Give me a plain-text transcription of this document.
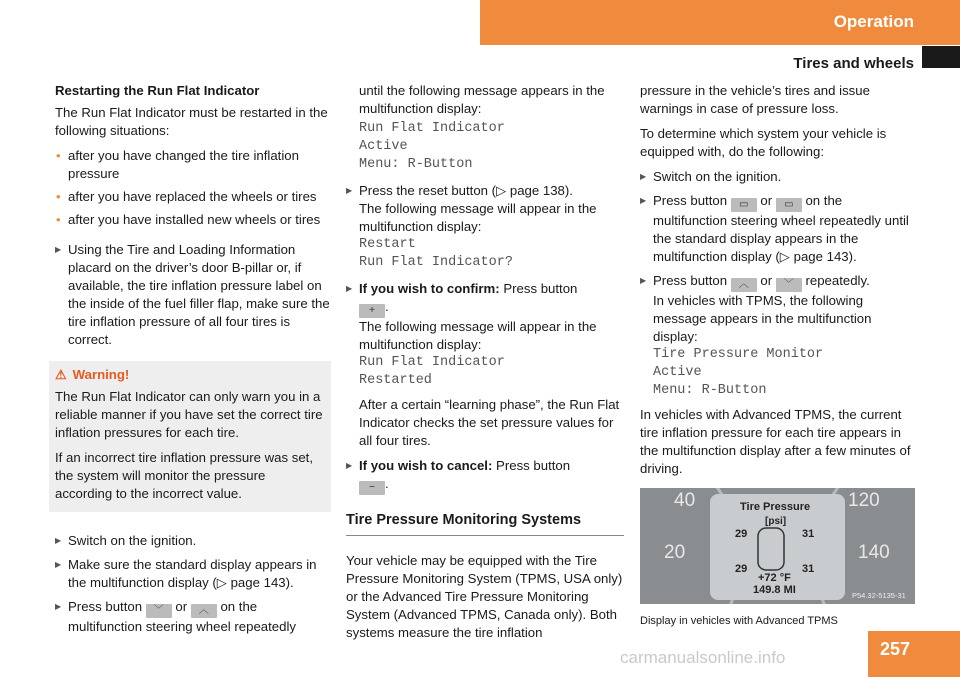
Operation
Tires and wheels

Restarting the Run Flat Indicator

The Run Flat Indicator must be restarted in the following situations:

• after you have changed the tire inflation pressure

• after you have replaced the wheels or tires

• after you have installed new wheels or tires

▶ Using the Tire and Loading Information placard on the driver’s door B-pillar or, if available, the tire inflation pressure label on the inside of the fuel filler flap, make sure the tire inflation pressure of all four tires is correct.

⚠ Warning!

The Run Flat Indicator can only warn you in a reliable manner if you have set the correct tire inflation pressures for each tire.

If an incorrect tire inflation pressure was set, the system will monitor the pressure according to the incorrect value.

▶ Switch on the ignition.

▶ Make sure the standard display appears in the multifunction display (▷ page 143).

▶ Press button ﹀ or ︿ on the multifunction steering wheel repeatedly

until the following message appears in the multifunction display:

Run Flat Indicator
Active
Menu: R-Button

▶ Press the reset button (▷ page 138).

The following message will appear in the multifunction display:

Restart
Run Flat Indicator?

▶ If you wish to confirm: Press button
+ .

The following message will appear in the multifunction display:

Run Flat Indicator
Restarted

After a certain “learning phase”, the Run Flat Indicator checks the set pressure values for all four tires.

▶ If you wish to cancel: Press button
− .

Tire Pressure Monitoring Systems

Your vehicle may be equipped with the Tire Pressure Monitoring System (TPMS, USA only) or the Advanced Tire Pressure Monitoring System (Advanced TPMS, Canada only). Both systems measure the tire inflation

pressure in the vehicle’s tires and issue warnings in case of pressure loss.

To determine which system your vehicle is equipped with, do the following:

▶ Switch on the ignition.

▶ Press button ▭ or ▭ on the multifunction steering wheel repeatedly until the standard display appears in the multifunction display (▷ page 143).

▶ Press button ︿ or ﹀ repeatedly.
In vehicles with TPMS, the following message appears in the multifunction display:

Tire Pressure Monitor
Active
Menu: R-Button

In vehicles with Advanced TPMS, the current tire inflation pressure for each tire appears in the multifunction display after a few minutes of driving.

40
20
120
140
Tire Pressure
[psi]
29	31
29	31
+72 °F
149.8 MI	P54.32-5135-31
Display in vehicles with Advanced TPMS
257
carmanualsonline.info
